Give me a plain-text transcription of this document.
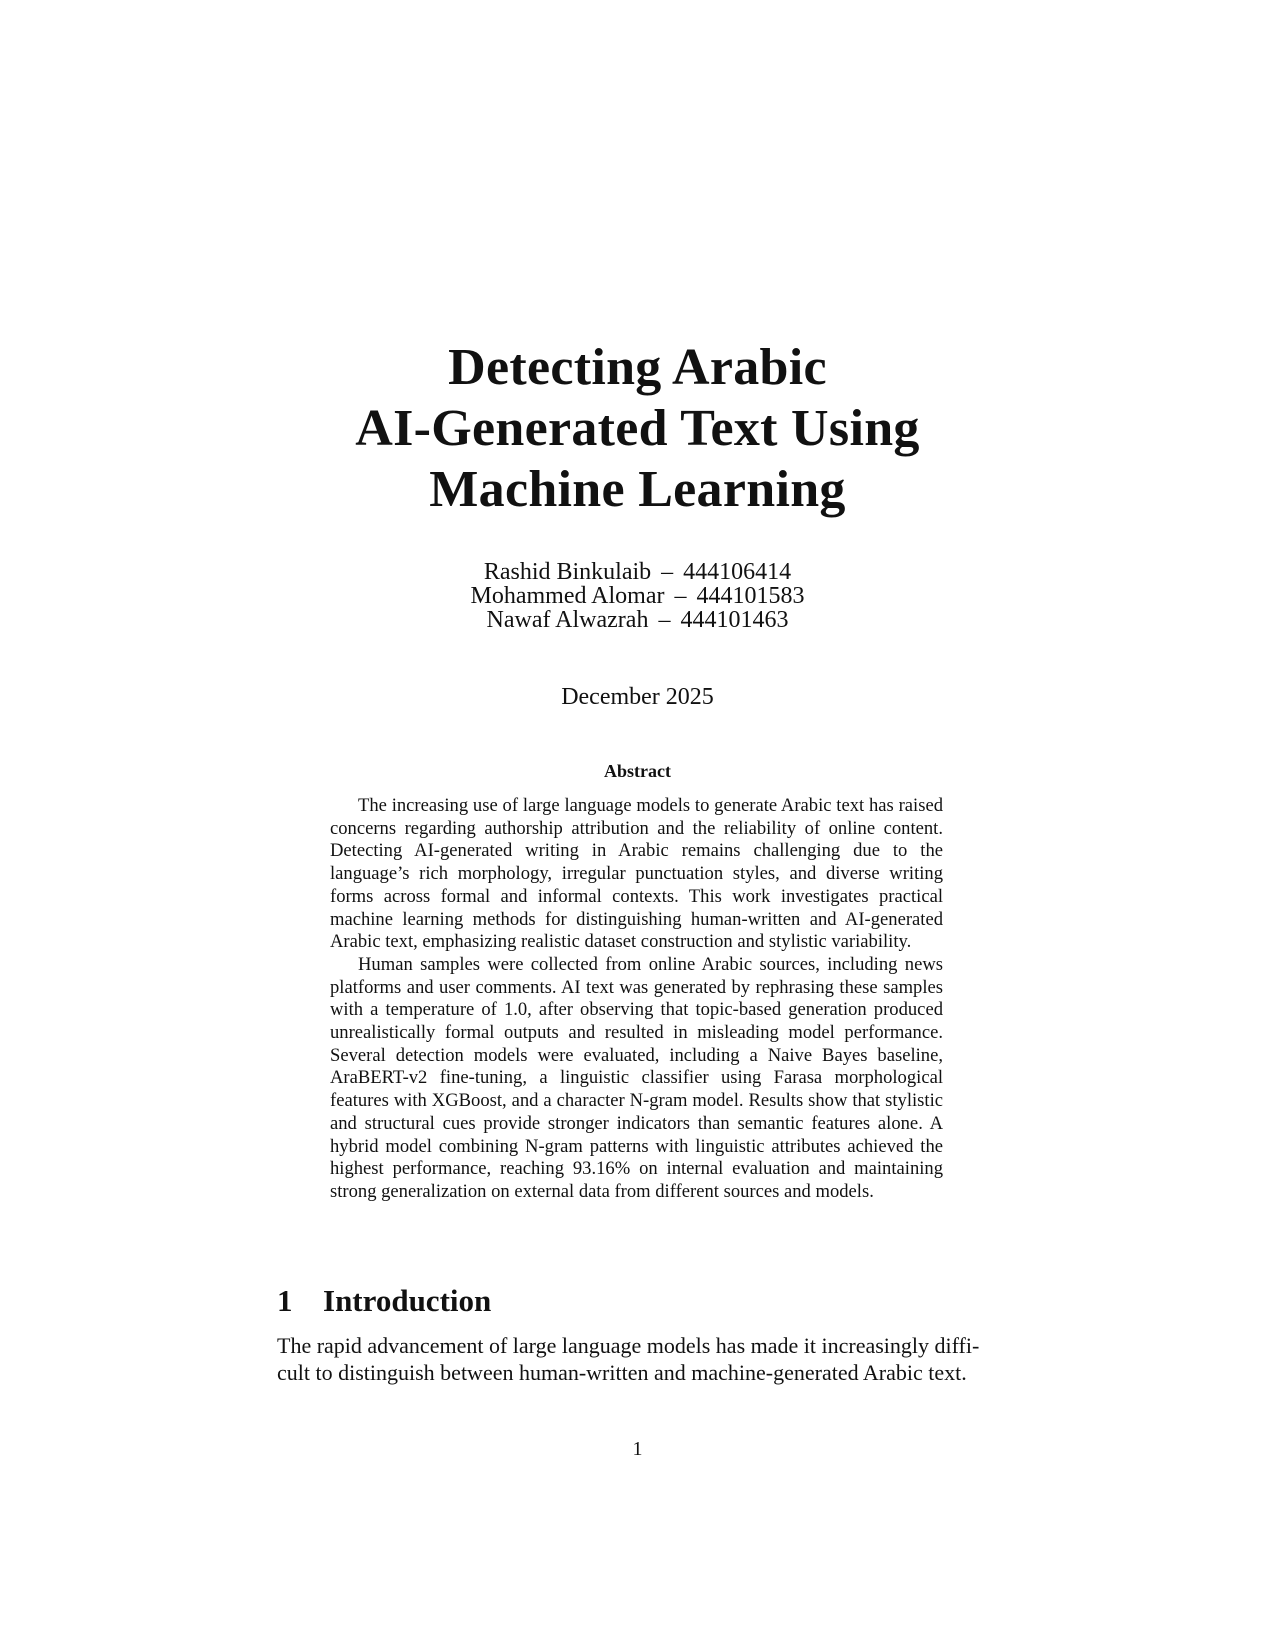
Detecting Arabic
AI-Generated Text Using
Machine Learning
Rashid Binkulaib – 444106414
Mohammed Alomar – 444101583
Nawaf Alwazrah – 444101463
December 2025
Abstract

The increasing use of large language models to generate Arabic text has raised concerns regarding authorship attribution and the reliability of online content. Detecting AI-generated writing in Arabic remains challenging due to the language’s rich morphology, irregular punctuation styles, and diverse writing forms across formal and informal contexts. This work investigates practical machine learning methods for distinguishing human-written and AI-generated Arabic text, emphasizing realistic dataset construction and stylistic variability.

Human samples were collected from online Arabic sources, including news platforms and user comments. AI text was generated by rephrasing these samples with a temperature of 1.0, after observing that topic-based generation produced unrealistically formal outputs and resulted in misleading model performance. Several detection models were evaluated, including a Naive Bayes baseline, AraBERT-v2 fine-tuning, a linguistic classifier using Farasa morphological features with XGBoost, and a character N-gram model. Results show that stylistic and structural cues provide stronger indicators than semantic features alone. A hybrid model combining N-gram patterns with linguistic attributes achieved the highest performance, reaching 93.16% on internal evaluation and maintaining strong generalization on external data from different sources and models.

1 Introduction

The rapid advancement of large language models has made it increasingly diffi-
cult to distinguish between human-written and machine-generated Arabic text.

1
